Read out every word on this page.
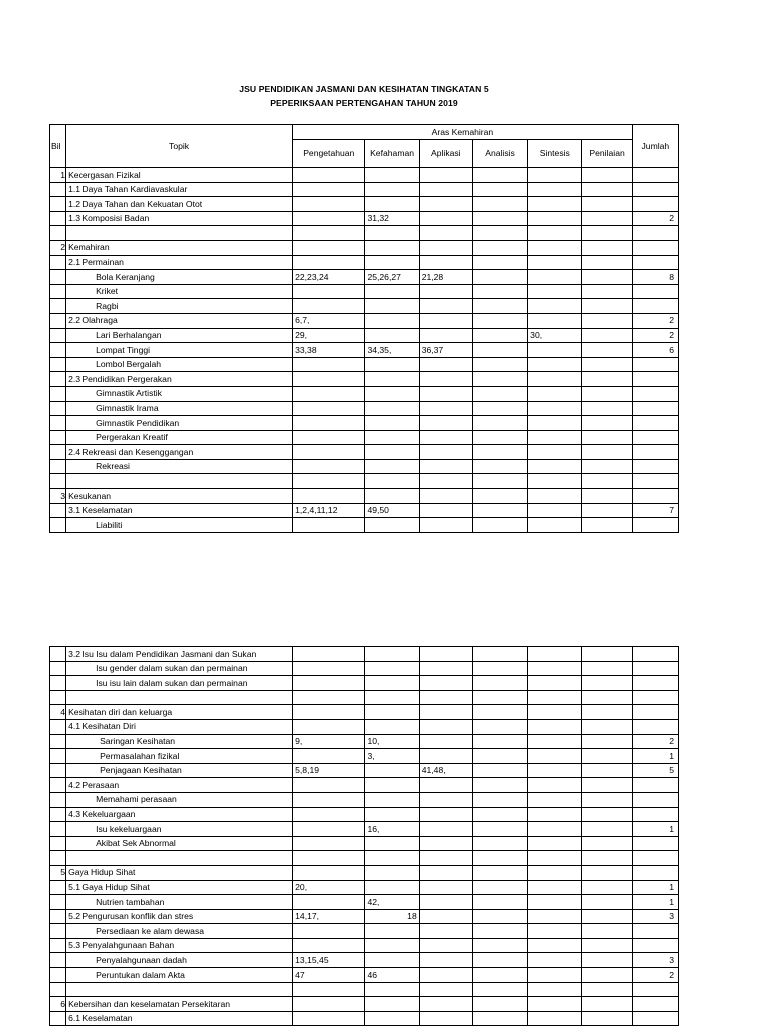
JSU PENDIDIKAN JASMANI DAN KESIHATAN TINGKATAN 5
PEPERIKSAAN PERTENGAHAN TAHUN 2019
Bil	Topik	Aras Kemahiran						Jumlah
		Pengetahuan	Kefahaman	Aplikasi	Analisis	Sintesis	Penilaian	
1	Kecergasan Fizikal							
	1.1 Daya Tahan Kardiavaskular							
	1.2 Daya Tahan dan Kekuatan Otot							
	1.3 Komposisi Badan		31,32					2

2	Kemahiran							
	2.1 Permainan							
	Bola Keranjang	22,23,24	25,26,27	21,28				8
	Kriket							
	Ragbi							
	2.2 Olahraga	6,7,						2
	Lari Berhalangan	29,				30,		2
	Lompat Tinggi	33,38	34,35,	36,37				6
	Lombol Bergalah							
	2.3 Pendidikan Pergerakan							
	Gimnastik Artistik							
	Gimnastik Irama							
	Gimnastik Pendidikan							
	Pergerakan Kreatif							
	2.4 Rekreasi dan Kesenggangan							
	Rekreasi							

3	Kesukanan							
	3.1 Keselamatan	1,2,4,11,12	49,50					7
	Liabiliti							
	3.2 Isu Isu dalam Pendidikan Jasmani dan Sukan							
	Isu gender dalam sukan dan permainan							
	Isu isu lain dalam sukan dan permainan							

4	Kesihatan diri dan keluarga							
	4.1 Kesihatan Diri							
	Saringan Kesihatan	9,	10,					2
	Permasalahan fizikal		3,					1
	Penjagaan Kesihatan	5,8,19		41,48,				5
	4.2 Perasaan							
	Memahami perasaan							
	4.3 Kekeluargaan							
	Isu kekeluargaan		16,					1
	Akibat Sek Abnormal							

5	Gaya Hidup Sihat							
	5.1 Gaya Hidup Sihat	20,						1
	Nutrien tambahan		42,					1
	5.2 Pengurusan konflik dan stres	14,17,	18					3
	Persediaan ke alam dewasa							
	5.3 Penyalahgunaan Bahan							
	Penyalahgunaan dadah	13,15,45						3
	Peruntukan dalam Akta	47	46					2

6	Kebersihan dan keselamatan Persekitaran							
	6.1 Keselamatan							
